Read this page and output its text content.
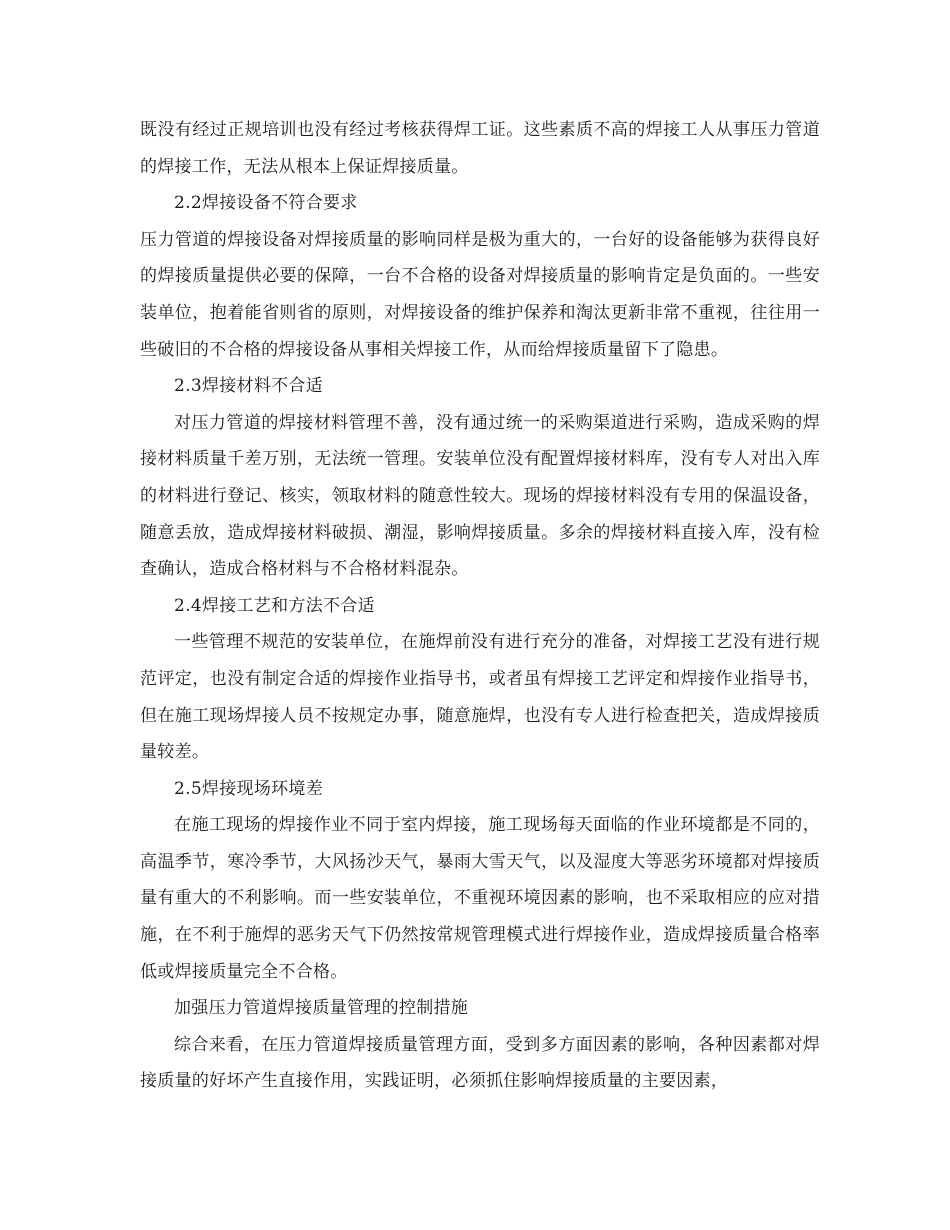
既没有经过正规培训也没有经过考核获得焊工证。这些素质不高的焊接工人从事压力管道的焊接工作，无法从根本上保证焊接质量。

2.2焊接设备不符合要求

压力管道的焊接设备对焊接质量的影响同样是极为重大的，一台好的设备能够为获得良好的焊接质量提供必要的保障，一台不合格的设备对焊接质量的影响肯定是负面的。一些安装单位，抱着能省则省的原则，对焊接设备的维护保养和淘汰更新非常不重视，往往用一些破旧的不合格的焊接设备从事相关焊接工作，从而给焊接质量留下了隐患。

2.3焊接材料不合适

对压力管道的焊接材料管理不善，没有通过统一的采购渠道进行采购，造成采购的焊接材料质量千差万别，无法统一管理。安装单位没有配置焊接材料库，没有专人对出入库的材料进行登记、核实，领取材料的随意性较大。现场的焊接材料没有专用的保温设备，随意丢放，造成焊接材料破损、潮湿，影响焊接质量。多余的焊接材料直接入库，没有检查确认，造成合格材料与不合格材料混杂。

2.4焊接工艺和方法不合适

一些管理不规范的安装单位，在施焊前没有进行充分的准备，对焊接工艺没有进行规范评定，也没有制定合适的焊接作业指导书，或者虽有焊接工艺评定和焊接作业指导书，但在施工现场焊接人员不按规定办事，随意施焊，也没有专人进行检查把关，造成焊接质量较差。

2.5焊接现场环境差

在施工现场的焊接作业不同于室内焊接，施工现场每天面临的作业环境都是不同的，高温季节，寒冷季节，大风扬沙天气，暴雨大雪天气，以及湿度大等恶劣环境都对焊接质量有重大的不利影响。而一些安装单位，不重视环境因素的影响，也不采取相应的应对措施，在不利于施焊的恶劣天气下仍然按常规管理模式进行焊接作业，造成焊接质量合格率低或焊接质量完全不合格。

加强压力管道焊接质量管理的控制措施

综合来看，在压力管道焊接质量管理方面，受到多方面因素的影响，各种因素都对焊接质量的好坏产生直接作用，实践证明，必须抓住影响焊接质量的主要因素，
